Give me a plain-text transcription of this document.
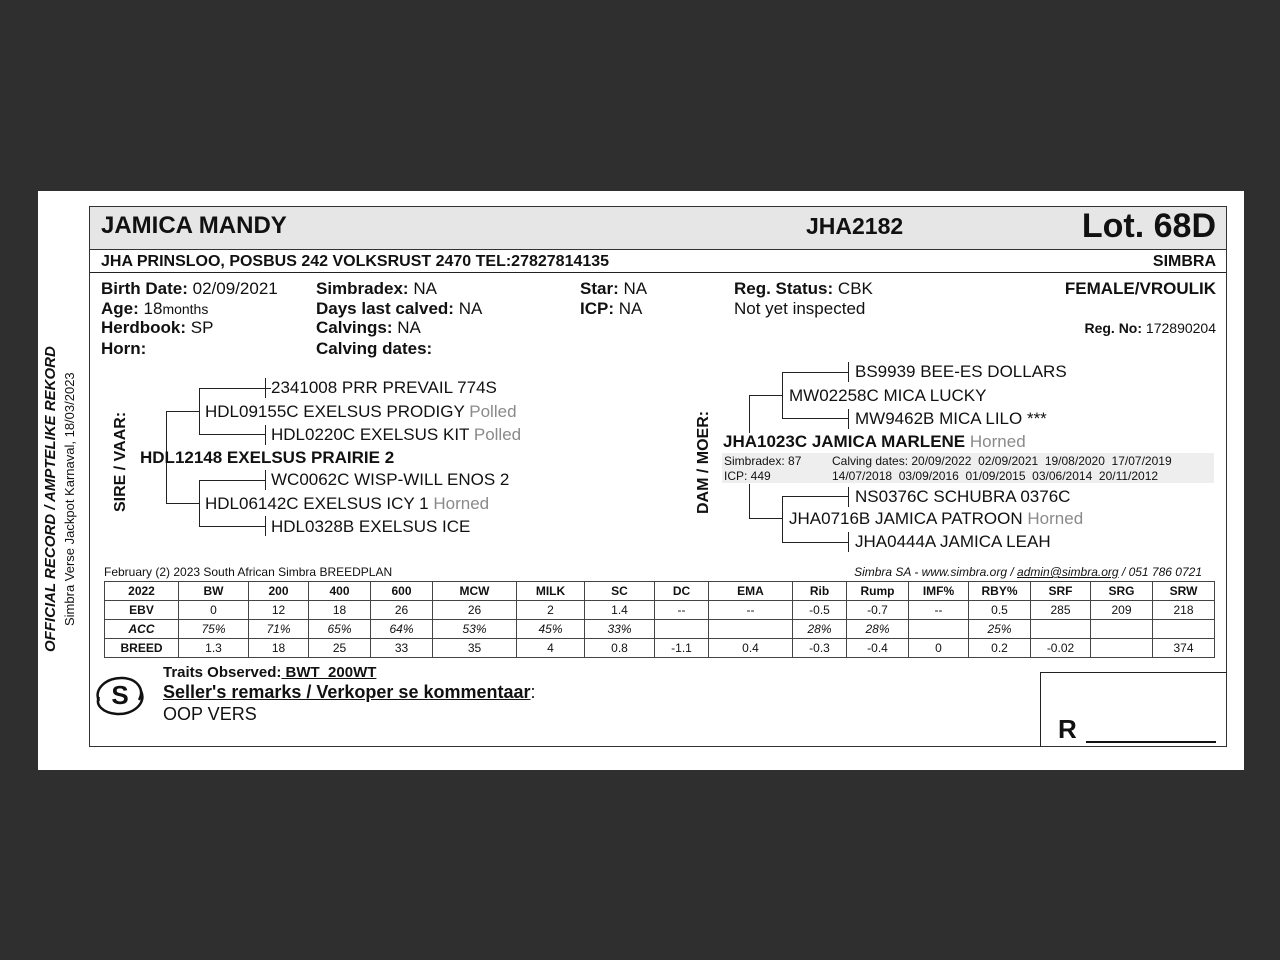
OFFICIAL RECORD / AMPTELIKE REKORD Simbra Verse Jackpot Karnaval, 18/03/2023
JAMICA MANDY	JHA2182	Lot. 68D
JHA PRINSLOO, POSBUS 242 VOLKSRUST 2470 TEL:27827814135	SIMBRA
Birth Date: 02/09/2021
Age: 18months
Herdbook: SP
Horn:
Simbradex: NA
Days last calved: NA
Calvings: NA
Calving dates:
Star: NA
ICP: NA
Reg. Status: CBK
Not yet inspected
FEMALE/VROULIK
Reg. No: 172890204
SIRE / VAAR:
2341008 PRR PREVAIL 774S
HDL0220C EXELSUS KIT Polled
HDL09155C EXELSUS PRODIGY Polled
HDL12148 EXELSUS PRAIRIE 2
HDL06142C EXELSUS ICY 1 Horned
WC0062C WISP-WILL ENOS 2
HDL0328B EXELSUS ICE
DAM / MOER:
BS9939 BEE-ES DOLLARS
MW9462B MICA LILO ***
MW02258C MICA LUCKY
JHA1023C JAMICA MARLENE Horned
Simbradex: 87
ICP: 449
Calving dates: 20/09/2022  02/09/2021  19/08/2020  17/07/2019
14/07/2018  03/09/2016  01/09/2015  03/06/2014  20/11/2012
JHA0716B JAMICA PATROON Horned
NS0376C SCHUBRA 0376C
JHA0444A JAMICA LEAH
February (2) 2023 South African Simbra BREEDPLAN	Simbra SA - www.simbra.org / admin@simbra.org / 051 786 0721
2022	BW	200	400	600	MCW	MILK	SC	DC	EMA	Rib	Rump	IMF%	RBY%	SRF	SRG	SRW
EBV	0	12	18	26	26	2	1.4	--	--	-0.5	-0.7	--	0.5	285	209	218
ACC	75%	71%	65%	64%	53%	45%	33%			28%	28%		25%			
BREED	1.3	18	25	33	35	4	0.8	-1.1	0.4	-0.3	-0.4	0	0.2	-0.02		374
Traits Observed: BWT  200WT
S Seller's remarks / Verkoper se kommentaar:
OOP VERS	R
